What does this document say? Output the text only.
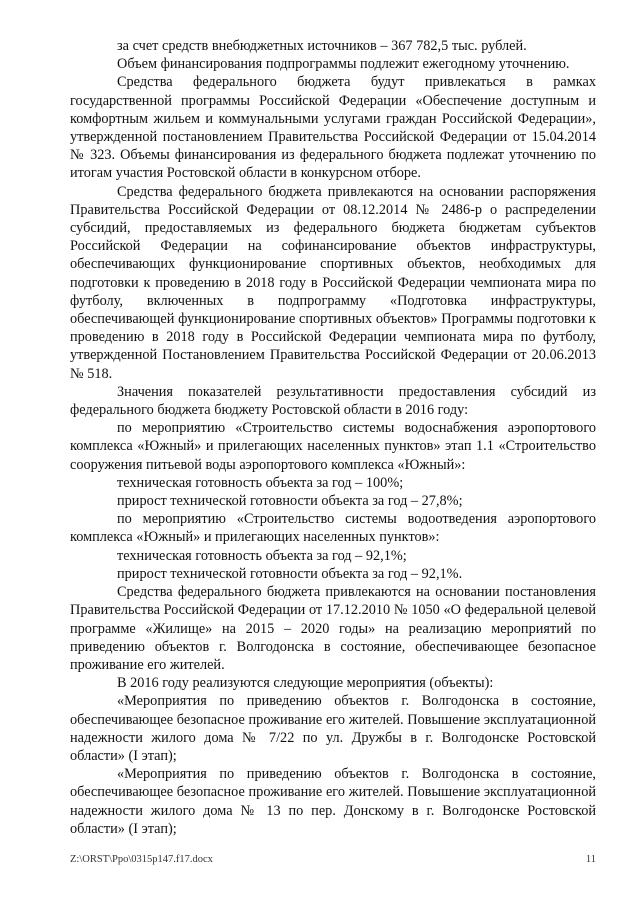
за счет средств внебюджетных источников – 367 782,5 тыс. рублей.

Объем финансирования подпрограммы подлежит ежегодному уточнению.

Средства федерального бюджета будут привлекаться в рамках государственной программы Российской Федерации «Обеспечение доступным и комфортным жильем и коммунальными услугами граждан Российской Федерации», утвержденной постановлением Правительства Российской Федерации от 15.04.2014 № 323. Объемы финансирования из федерального бюджета подлежат уточнению по итогам участия Ростовской области в конкурсном отборе.

Средства федерального бюджета привлекаются на основании распоряжения Правительства Российской Федерации от 08.12.2014 № 2486-р о распределении субсидий, предоставляемых из федерального бюджета бюджетам субъектов Российской Федерации на софинансирование объектов инфраструктуры, обеспечивающих функционирование спортивных объектов, необходимых для подготовки к проведению в 2018 году в Российской Федерации чемпионата мира по футболу, включенных в подпрограмму «Подготовка инфраструктуры, обеспечивающей функционирование спортивных объектов» Программы подготовки к проведению в 2018 году в Российской Федерации чемпионата мира по футболу, утвержденной Постановлением Правительства Российской Федерации от 20.06.2013 № 518.

Значения показателей результативности предоставления субсидий из федерального бюджета бюджету Ростовской области в 2016 году:

по мероприятию «Строительство системы водоснабжения аэропортового комплекса «Южный» и прилегающих населенных пунктов» этап 1.1 «Строительство сооружения питьевой воды аэропортового комплекса «Южный»:

техническая готовность объекта за год – 100%;

прирост технической готовности объекта за год – 27,8%;

по мероприятию «Строительство системы водоотведения аэропортового комплекса «Южный» и прилегающих населенных пунктов»:

техническая готовность объекта за год – 92,1%;

прирост технической готовности объекта за год – 92,1%.

Средства федерального бюджета привлекаются на основании постановления Правительства Российской Федерации от 17.12.2010 № 1050 «О федеральной целевой программе «Жилище» на 2015 – 2020 годы» на реализацию мероприятий по приведению объектов г. Волгодонска в состояние, обеспечивающее безопасное проживание его жителей.

В 2016 году реализуются следующие мероприятия (объекты):

«Мероприятия по приведению объектов г. Волгодонска в состояние, обеспечивающее безопасное проживание его жителей. Повышение эксплуатационной надежности жилого дома № 7/22 по ул. Дружбы в г. Волгодонске Ростовской области» (I этап);

«Мероприятия по приведению объектов г. Волгодонска в состояние, обеспечивающее безопасное проживание его жителей. Повышение эксплуатационной надежности жилого дома № 13 по пер. Донскому в г. Волгодонске Ростовской области» (I этап);

Z:\ORST\Ppo\0315p147.f17.docx	11
